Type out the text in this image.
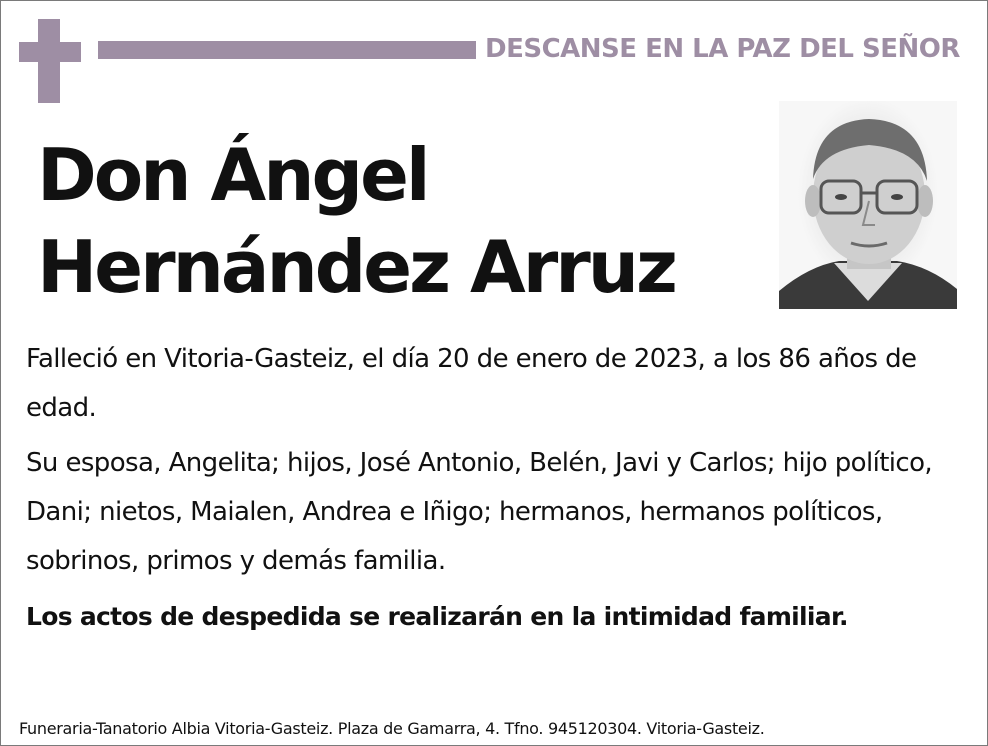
DESCANSE EN LA PAZ DEL SEÑOR
Don Ángel
Hernández Arruz

Falleció en Vitoria-Gasteiz, el día 20 de enero de 2023, a los 86 años de edad.

Su esposa, Angelita; hijos, José Antonio, Belén, Javi y Carlos; hijo político, Dani; nietos, Maialen, Andrea e Iñigo; hermanos, hermanos políticos, sobrinos, primos y demás familia.

Los actos de despedida se realizarán en la intimidad familiar.

Funeraria-Tanatorio Albia Vitoria-Gasteiz. Plaza de Gamarra, 4. Tfno. 945120304. Vitoria-Gasteiz.
